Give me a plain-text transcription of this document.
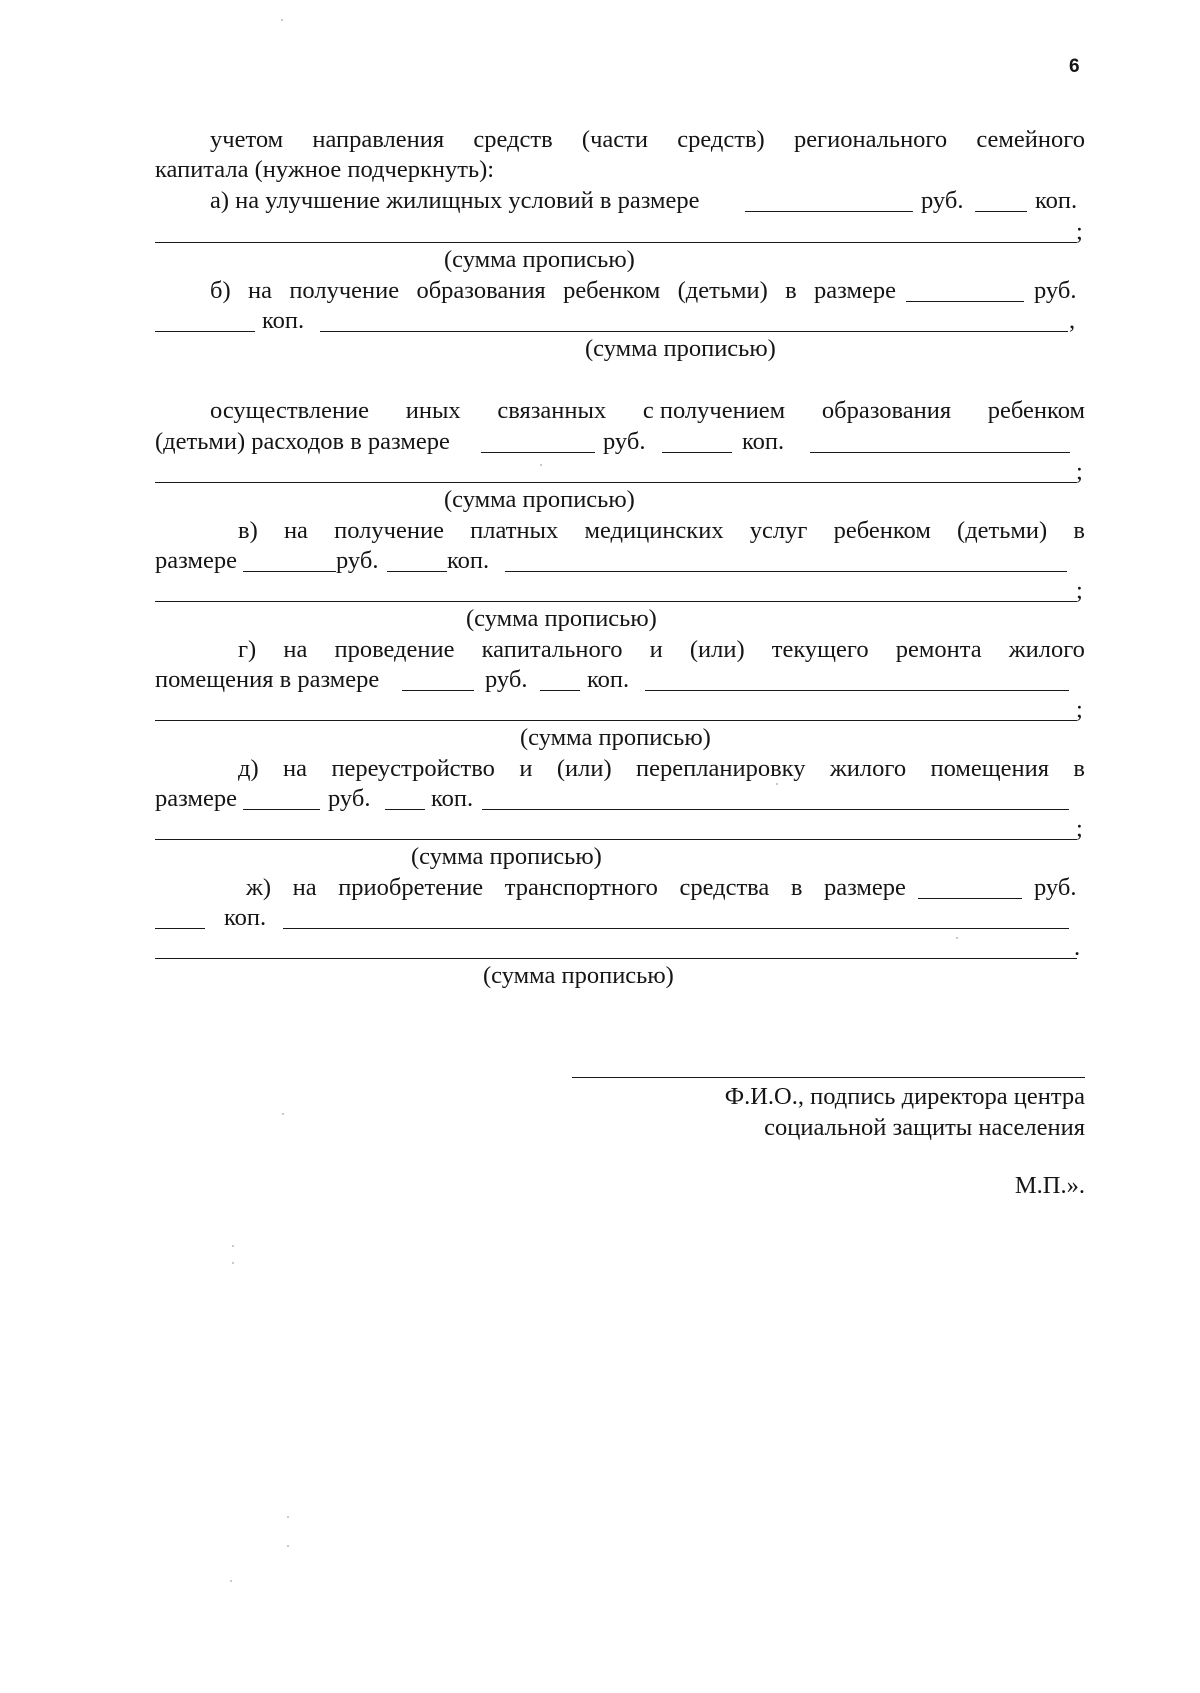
6
учетом направления средств (части средств) регионального семейного
капитала (нужное подчеркнуть):
а) на улучшение жилищных условий в размере	руб.	коп.
;
(сумма прописью)
б) на получение образования ребенком (детьми) в размере	руб.
коп.	,
(сумма прописью)
осуществление иных связанных с получением образования ребенком
(детьми) расходов в размере	руб.	коп.
;
(сумма прописью)
в) на получение платных медицинских услуг ребенком (детьми) в
размере	руб.	коп.
;
(сумма прописью)
г) на проведение капитального и (или) текущего ремонта жилого
помещения в размере	руб. коп.
;
(сумма прописью)
д) на переустройство и (или) перепланировку жилого помещения в
размере	руб. коп.
;
(сумма прописью)
ж) на приобретение транспортного средства в размере	руб.
коп.
.
(сумма прописью)
Ф.И.О., подпись директора центра
социальной защиты населения
М.П.».
